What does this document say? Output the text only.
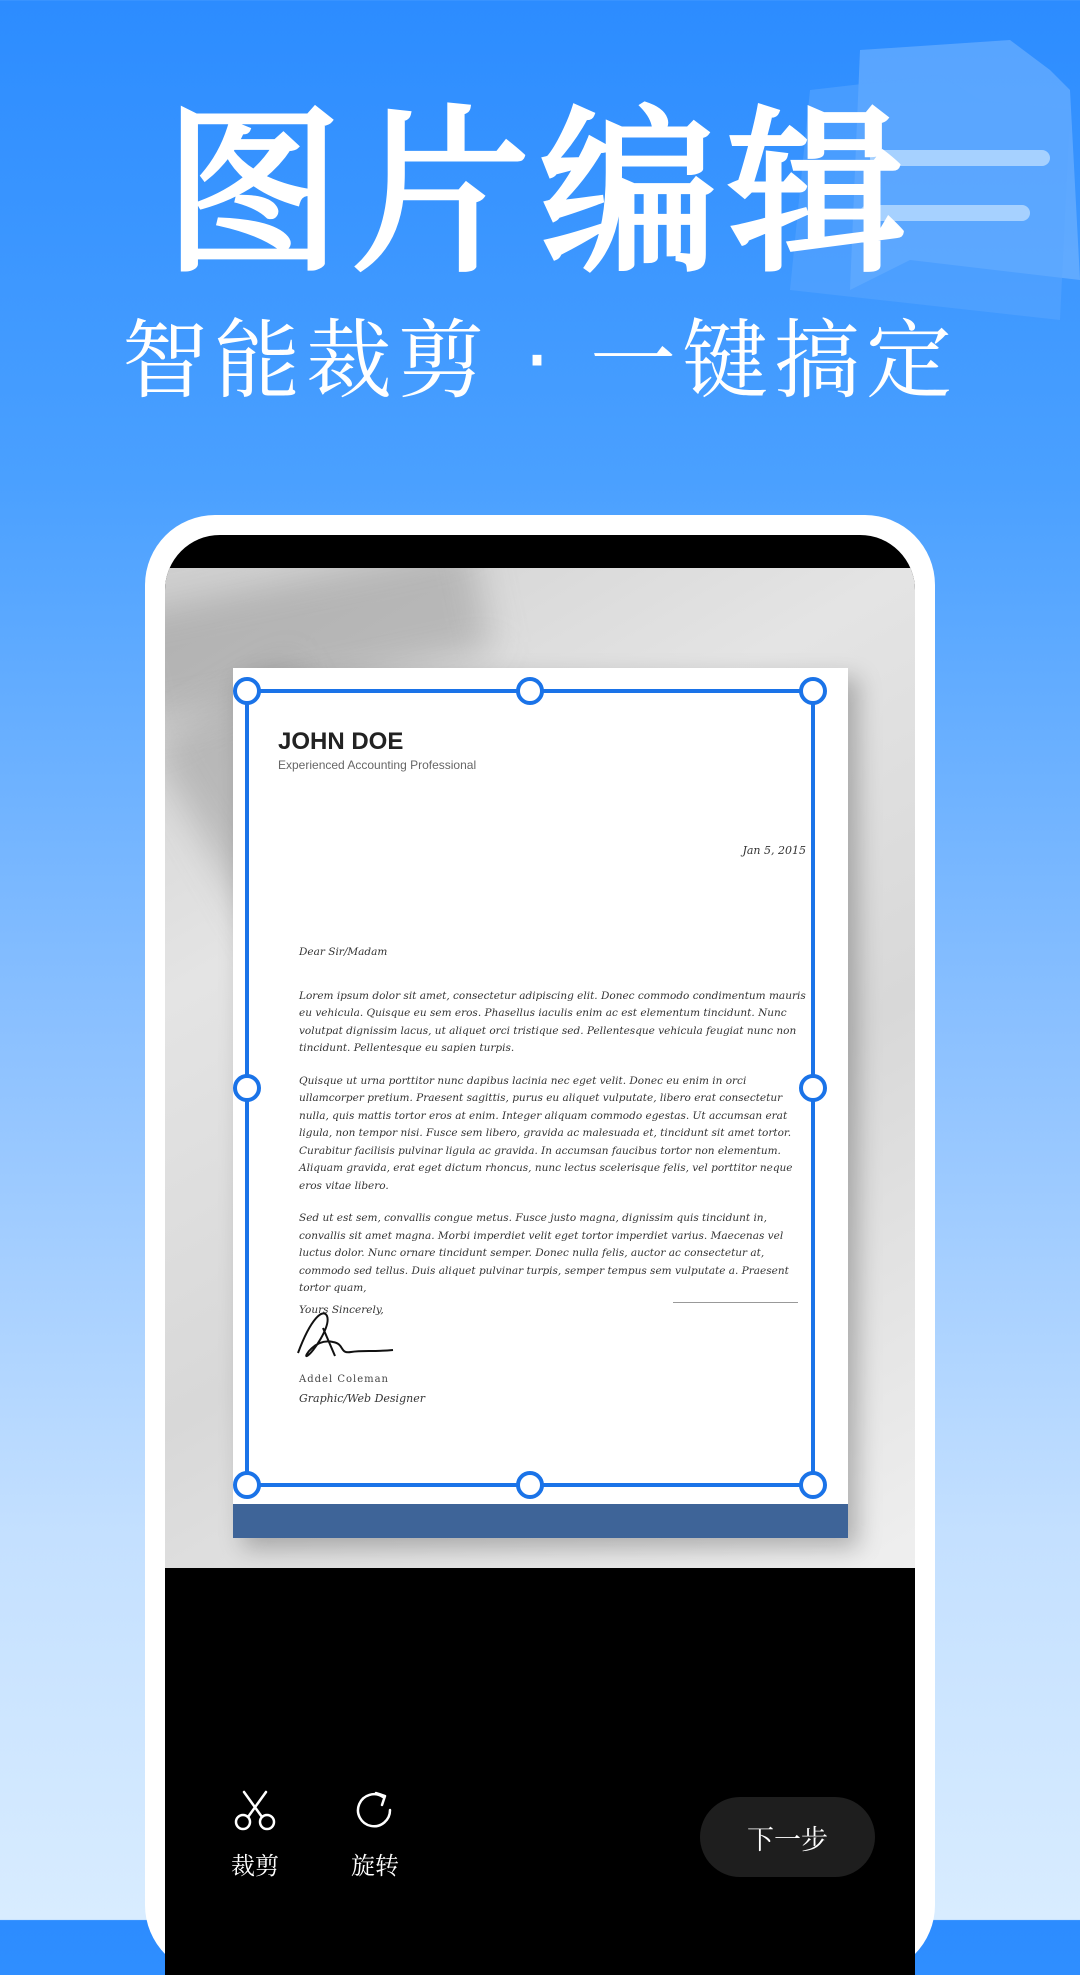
图片编辑
智能裁剪 · 一键搞定
JOHN DOE
Experienced Accounting Professional
Jan 5, 2015

Dear Sir/Madam

Lorem ipsum dolor sit amet, consectetur adipiscing elit. Donec commodo condimentum mauris eu vehicula. Quisque eu sem eros. Phasellus iaculis enim ac est elementum tincidunt. Nunc volutpat dignissim lacus, ut aliquet orci tristique sed. Pellentesque vehicula feugiat nunc non tincidunt. Pellentesque eu sapien turpis.

Quisque ut urna porttitor nunc dapibus lacinia nec eget velit. Donec eu enim in orci ullamcorper pretium. Praesent sagittis, purus eu aliquet vulputate, libero erat consectetur nulla, quis mattis tortor eros at enim. Integer aliquam commodo egestas. Ut accumsan erat ligula, non tempor nisi. Fusce sem libero, gravida ac malesuada et, tincidunt sit amet tortor. Curabitur facilisis pulvinar ligula ac gravida. In accumsan faucibus tortor non elementum. Aliquam gravida, erat eget dictum rhoncus, nunc lectus scelerisque felis, vel porttitor neque eros vitae libero.

Sed ut est sem, convallis congue metus. Fusce justo magna, dignissim quis tincidunt in, convallis sit amet magna. Morbi imperdiet velit eget tortor imperdiet varius. Maecenas vel luctus dolor. Nunc ornare tincidunt semper. Donec nulla felis, auctor ac consectetur at, commodo sed tellus. Duis aliquet pulvinar turpis, semper tempus sem vulputate a. Praesent tortor quam,

Yours Sincerely,

Addel Coleman
Graphic/Web Designer
裁剪	旋转
下一步
